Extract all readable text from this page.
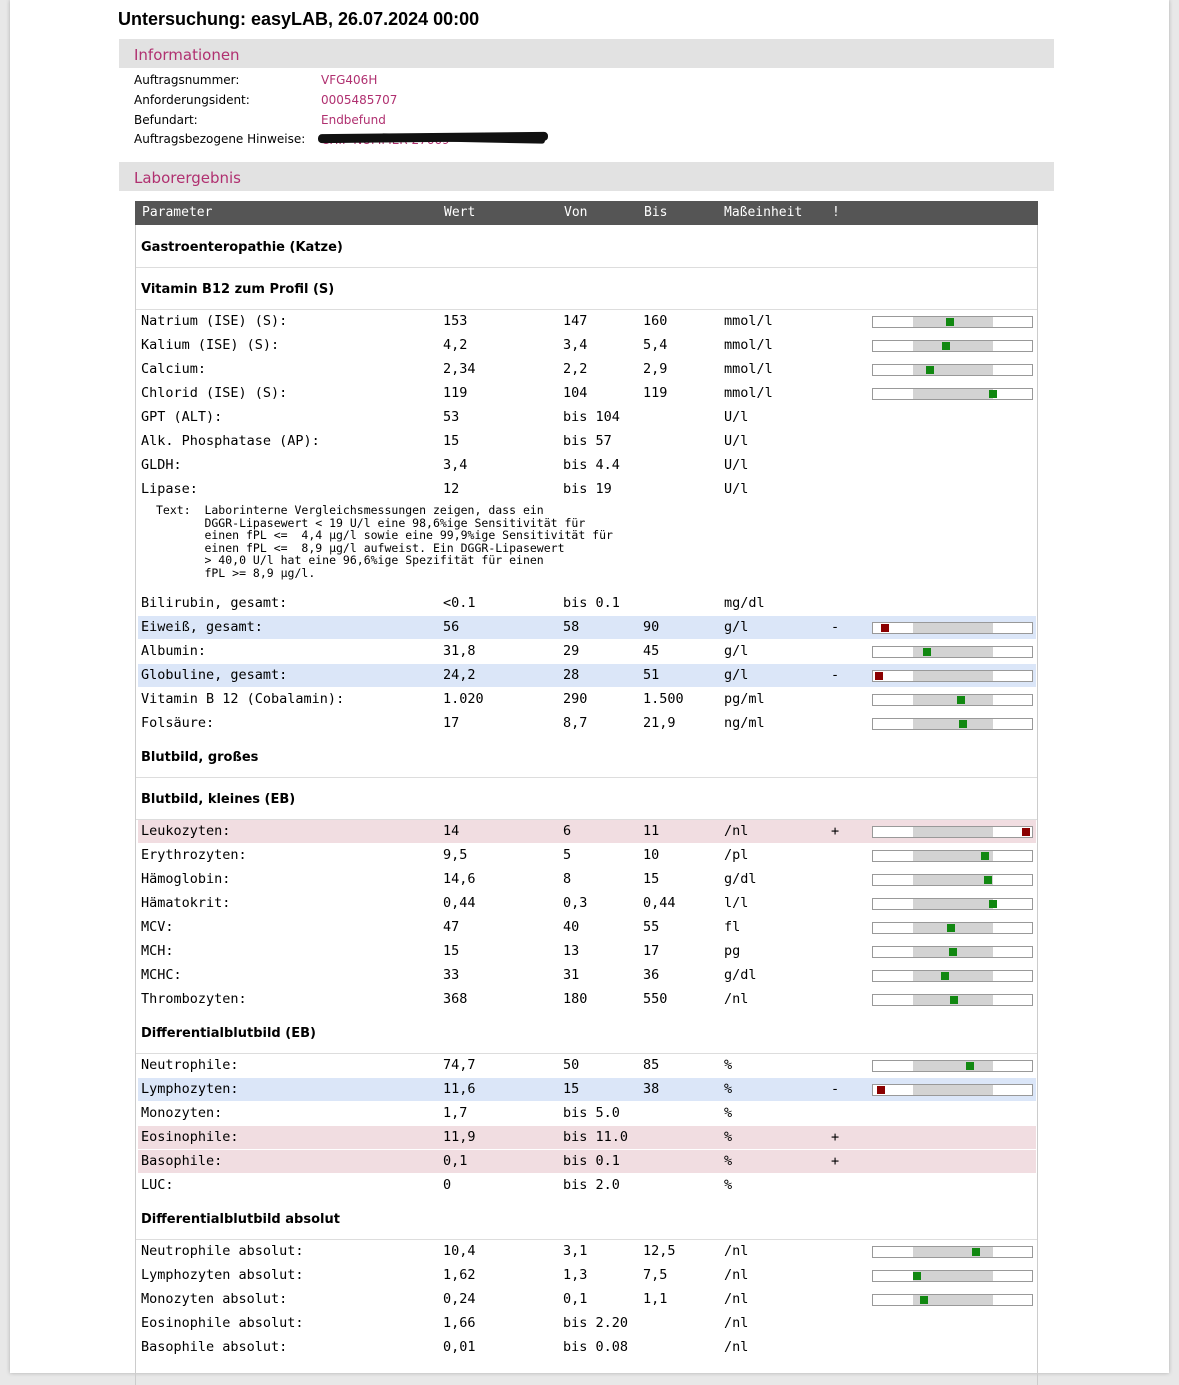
Untersuchung: easyLAB, 26.07.2024 00:00
Informationen
Auftragsnummer:	VFG406H
Anforderungsident:	0005485707
Befundart:	Endbefund
Auftragsbezogene Hinweise:
Laborergebnis
Parameter	Wert	Von	Bis	Maßeinheit !
Gastroenteropathie (Katze)
Vitamin B12 zum Profil (S)
Natrium (ISE) (S):	153	147	160	mmol/l
Kalium (ISE) (S):	4,2	3,4	5,4	mmol/l
Calcium:	2,34	2,2	2,9	mmol/l
Chlorid (ISE) (S):	119	104	119	mmol/l
GPT (ALT):	53	bis 104	U/l
Alk. Phosphatase (AP):	15	bis 57	U/l
GLDH:	3,4	bis 4.4	U/l
Lipase:	12	bis 19	U/l
Text:  Laborinterne Vergleichsmessungen zeigen, dass ein
DGGR-Lipasewert < 19 U/l eine 98,6%ige Sensitivität für
einen fPL <=  4,4 µg/l sowie eine 99,9%ige Sensitivität für
einen fPL <=  8,9 µg/l aufweist. Ein DGGR-Lipasewert
> 40,0 U/l hat eine 96,6%ige Spezifität für einen
fPL >= 8,9 µg/l.
Bilirubin, gesamt:	<0.1	bis 0.1	mg/dl
Eiweiß, gesamt:	56	58	90	g/l	-
Albumin:	31,8	29	45	g/l
Globuline, gesamt:	24,2	28	51	g/l	-
Vitamin B 12 (Cobalamin):	1.020	290	1.500	pg/ml
Folsäure:	17	8,7	21,9	ng/ml
Blutbild, großes
Blutbild, kleines (EB)
Leukozyten:	14	6	11	/nl	+
Erythrozyten:	9,5	5	10	/pl
Hämoglobin:	14,6	8	15	g/dl
Hämatokrit:	0,44	0,3	0,44	l/l
MCV:	47	40	55	fl
MCH:	15	13	17	pg
MCHC:	33	31	36	g/dl
Thrombozyten:	368	180	550	/nl
Differentialblutbild (EB)
Neutrophile:	74,7	50	85	%
Lymphozyten:	11,6	15	38	%	-
Monozyten:	1,7	bis 5.0	%
Eosinophile:	11,9	bis 11.0	%	+
Basophile:	0,1	bis 0.1	%	+
LUC:	0	bis 2.0	%
Differentialblutbild absolut
Neutrophile absolut:	10,4	3,1	12,5	/nl
Lymphozyten absolut:	1,62	1,3	7,5	/nl
Monozyten absolut:	0,24	0,1	1,1	/nl
Eosinophile absolut:	1,66	bis 2.20	/nl
Basophile absolut:	0,01	bis 0.08	/nl
